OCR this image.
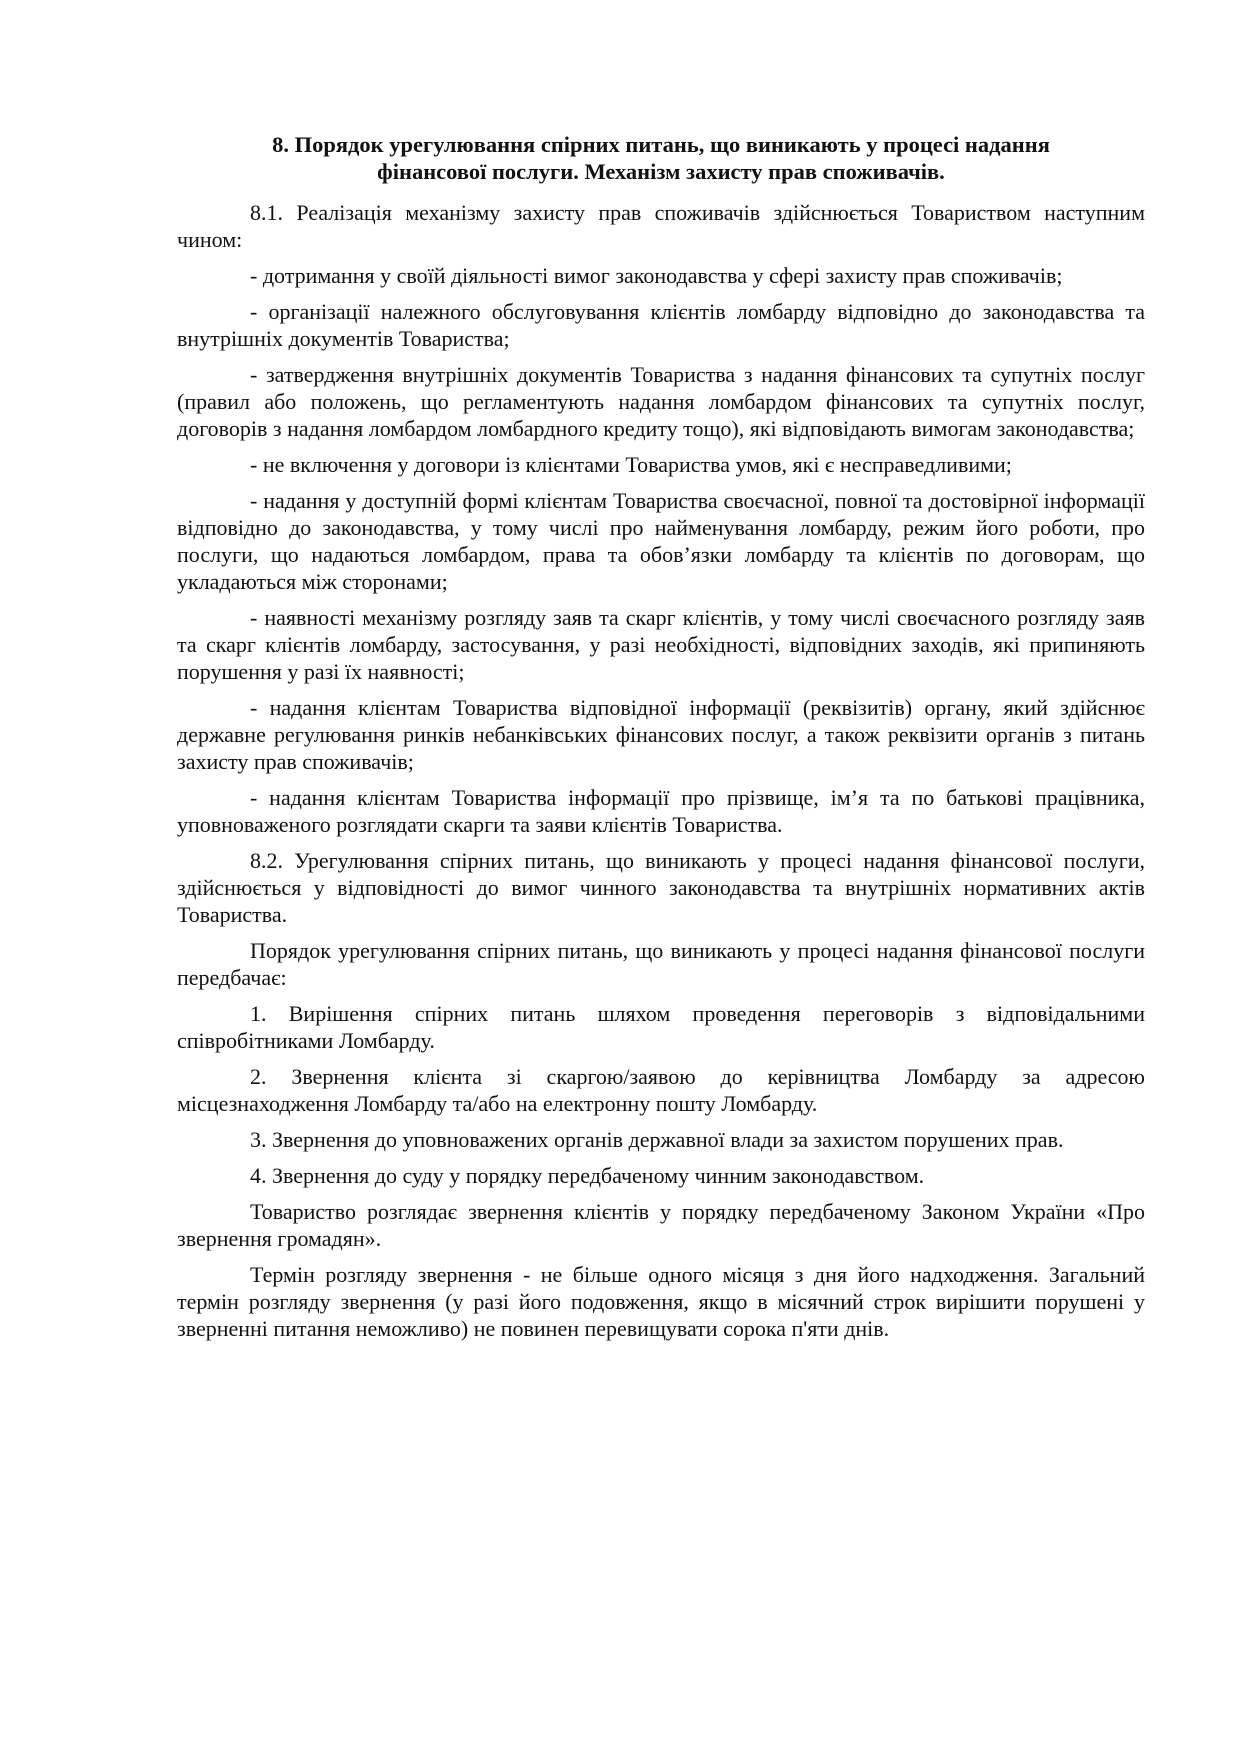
8. Порядок урегулювання спірних питань, що виникають у процесі надання
фінансової послуги. Механізм захисту прав споживачів.

8.1. Реалізація механізму захисту прав споживачів здійснюється Товариством наступним чином:

- дотримання у своїй діяльності вимог законодавства у сфері захисту прав споживачів;

- організації належного обслуговування клієнтів ломбарду відповідно до законодавства та внутрішніх документів Товариства;

- затвердження внутрішніх документів Товариства з надання фінансових та супутніх послуг (правил або положень, що регламентують надання ломбардом фінансових та супутніх послуг, договорів з надання ломбардом ломбардного кредиту тощо), які відповідають вимогам законодавства;

- не включення у договори із клієнтами Товариства умов, які є несправедливими;

- надання у доступній формі клієнтам Товариства своєчасної, повної та достовірної інформації відповідно до законодавства, у тому числі про найменування ломбарду, режим його роботи, про послуги, що надаються ломбардом, права та обов’язки ломбарду та клієнтів по договорам, що укладаються між сторонами;

- наявності механізму розгляду заяв та скарг клієнтів, у тому числі своєчасного розгляду заяв та скарг клієнтів ломбарду, застосування, у разі необхідності, відповідних заходів, які припиняють порушення у разі їх наявності;

- надання клієнтам Товариства відповідної інформації (реквізитів) органу, який здійснює державне регулювання ринків небанківських фінансових послуг, а також реквізити органів з питань захисту прав споживачів;

- надання клієнтам Товариства інформації про прізвище, ім’я та по батькові працівника, уповноваженого розглядати скарги та заяви клієнтів Товариства.

8.2. Урегулювання спірних питань, що виникають у процесі надання фінансової послуги, здійснюється у відповідності до вимог чинного законодавства та внутрішніх нормативних актів Товариства.

Порядок урегулювання спірних питань, що виникають у процесі надання фінансової послуги передбачає:

1. Вирішення спірних питань шляхом проведення переговорів з відповідальними співробітниками Ломбарду.

2. Звернення клієнта зі скаргою/заявою до керівництва Ломбарду за адресою місцезнаходження Ломбарду та/або на електронну пошту Ломбарду.

3. Звернення до уповноважених органів державної влади за захистом порушених прав.

4. Звернення до суду у порядку передбаченому чинним законодавством.

Товариство розглядає звернення клієнтів у порядку передбаченому Законом України «Про звернення громадян».

Термін розгляду звернення - не більше одного місяця з дня його надходження. Загальний термін розгляду звернення (у разі його подовження, якщо в місячний строк вирішити порушені у зверненні питання неможливо) не повинен перевищувати сорока п'яти днів.
